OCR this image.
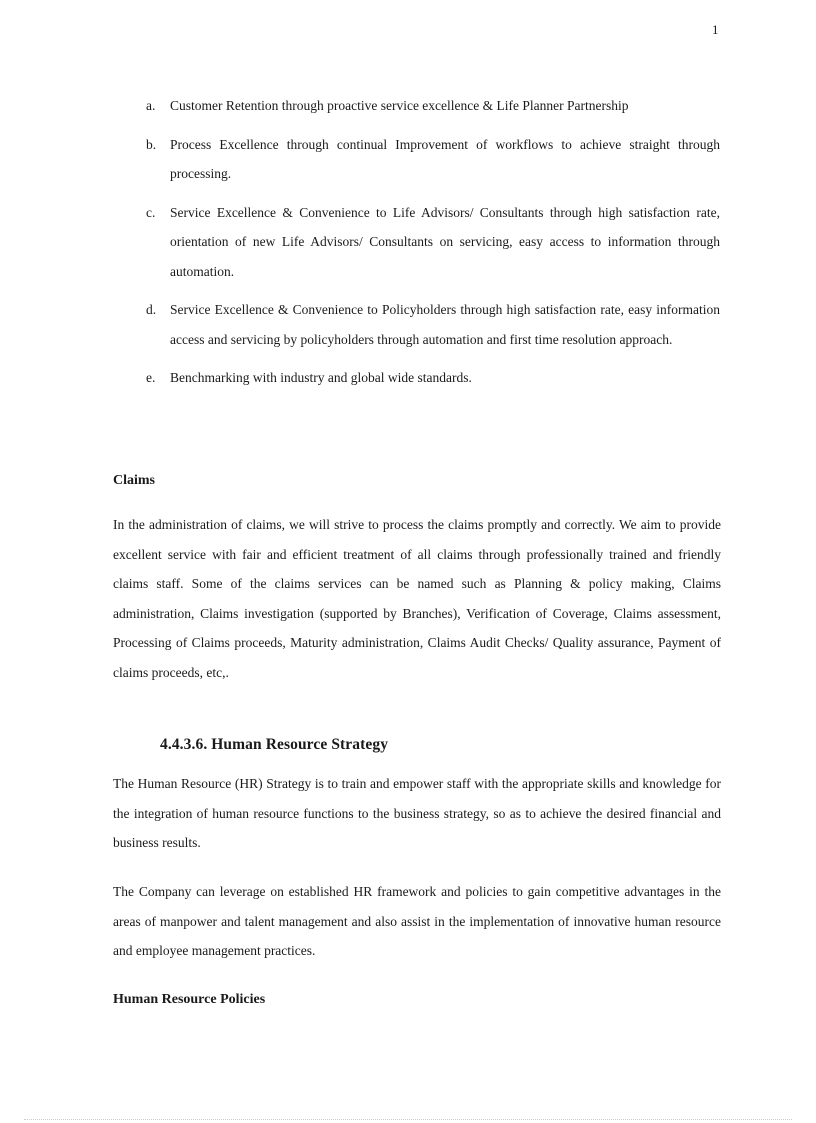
1
a. Customer Retention through proactive service excellence & Life Planner Partnership
b. Process Excellence through continual Improvement of workflows to achieve straight through processing.
c. Service Excellence & Convenience to Life Advisors/ Consultants through high satisfaction rate, orientation of new Life Advisors/ Consultants on servicing, easy access to information through automation.
d. Service Excellence & Convenience to Policyholders through high satisfaction rate, easy information access and servicing by policyholders through automation and first time resolution approach.
e. Benchmarking with industry and global wide standards.
Claims

In the administration of claims, we will strive to process the claims promptly and correctly. We aim to provide excellent service with fair and efficient treatment of all claims through professionally trained and friendly claims staff. Some of the claims services can be named such as Planning & policy making, Claims administration, Claims investigation (supported by Branches), Verification of Coverage, Claims assessment, Processing of Claims proceeds, Maturity administration, Claims Audit Checks/ Quality assurance, Payment of claims proceeds, etc,.

4.4.3.6. Human Resource Strategy

The Human Resource (HR) Strategy is to train and empower staff with the appropriate skills and knowledge for the integration of human resource functions to the business strategy, so as to achieve the desired financial and business results.

The Company can leverage on established HR framework and policies to gain competitive advantages in the areas of manpower and talent management and also assist in the implementation of innovative human resource and employee management practices.

Human Resource Policies
